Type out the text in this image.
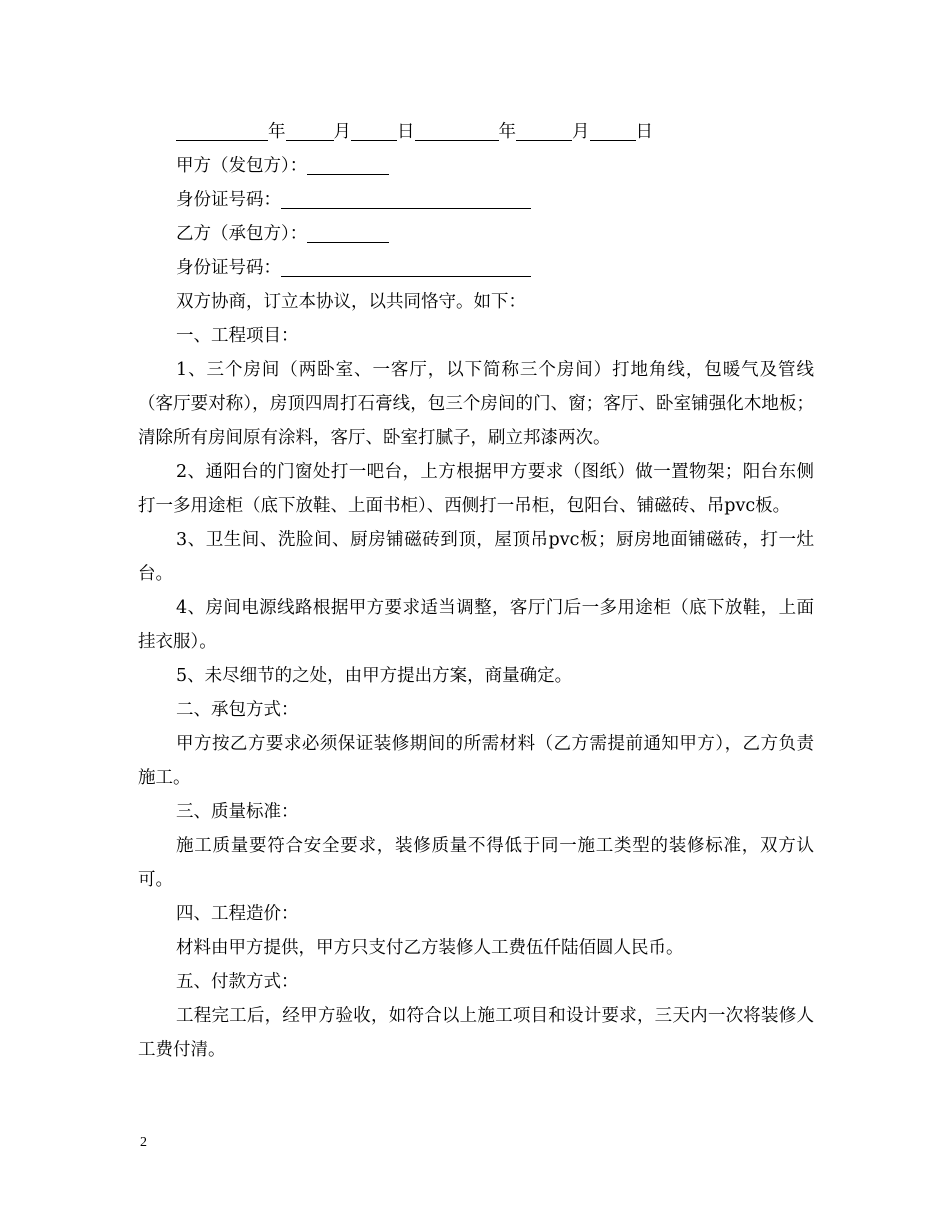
年	月	日	年	月	日
甲方（发包方）：
身份证号码：
乙方（承包方）：
身份证号码：
双方协商，订立本协议，以共同恪守。如下：
一、工程项目：
1、三个房间（两卧室、一客厅，以下简称三个房间）打地角线，包暖气及管线（客厅要对称），房顶四周打石膏线，包三个房间的门、窗；客厅、卧室铺强化木地板；清除所有房间原有涂料，客厅、卧室打腻子，刷立邦漆两次。
2、通阳台的门窗处打一吧台，上方根据甲方要求（图纸）做一置物架；阳台东侧打一多用途柜（底下放鞋、上面书柜）、西侧打一吊柜，包阳台、铺磁砖、吊pvc板。
3、卫生间、洗脸间、厨房铺磁砖到顶，屋顶吊pvc板；厨房地面铺磁砖，打一灶台。
4、房间电源线路根据甲方要求适当调整，客厅门后一多用途柜（底下放鞋，上面挂衣服）。
5、未尽细节的之处，由甲方提出方案，商量确定。
二、承包方式：
甲方按乙方要求必须保证装修期间的所需材料（乙方需提前通知甲方），乙方负责施工。
三、质量标准：
施工质量要符合安全要求，装修质量不得低于同一施工类型的装修标准，双方认可。
四、工程造价：
材料由甲方提供，甲方只支付乙方装修人工费伍仟陆佰圆人民币。
五、付款方式：
工程完工后，经甲方验收，如符合以上施工项目和设计要求，三天内一次将装修人工费付清。
2
